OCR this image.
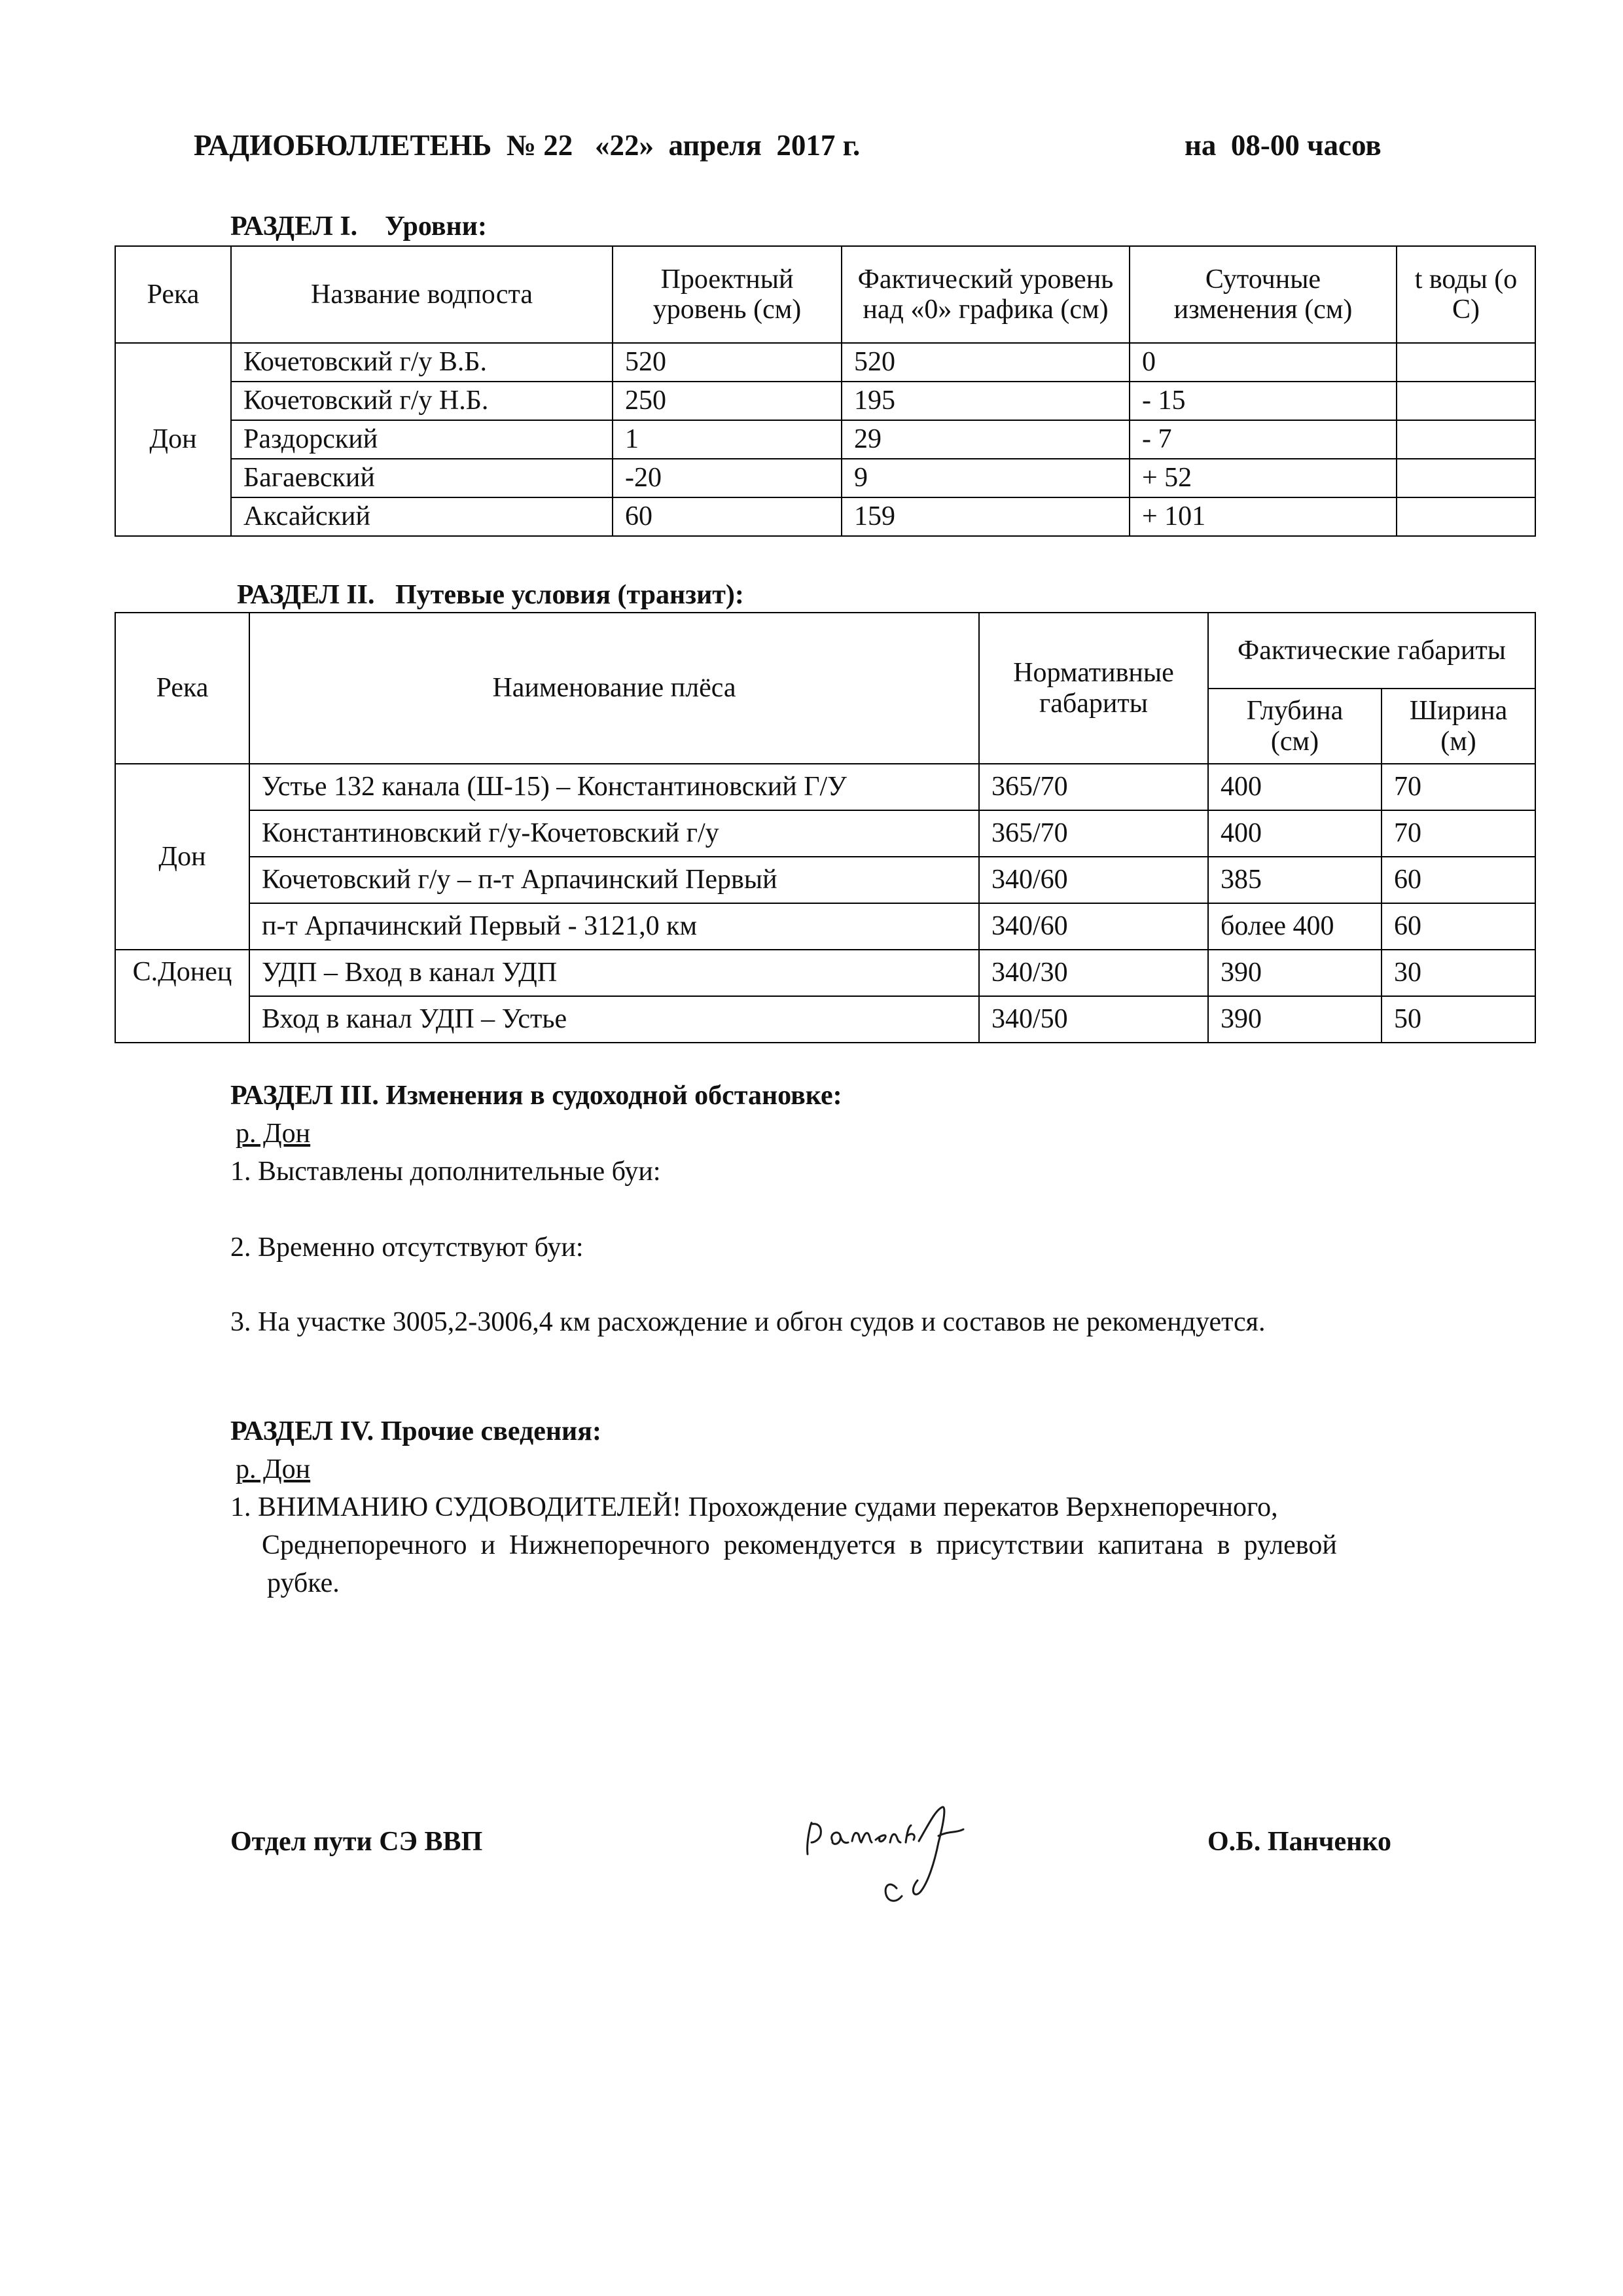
РАДИОБЮЛЛЕТЕНЬ  № 22   «22»  апреля  2017 г.	на  08-00 часов
РАЗДЕЛ I.    Уровни:
Река	Название водпоста	Проектный уровень (см)	Фактический уровень над «0» графика (см)	Суточные изменения (см)	t воды (о С)
Дон	Кочетовский г/у В.Б.	520	520	0	
	Кочетовский г/у Н.Б.	250	195	- 15	
	Раздорский	1	29	- 7	
	Багаевский	-20	9	+ 52	
	Аксайский	60	159	+ 101	
РАЗДЕЛ II.   Путевые условия (транзит):
Река	Наименование плёса	Нормативные габариты	Фактические габариты	
			Глубина (см)	Ширина (м)
Дон	Устье 132 канала (Ш-15) – Константиновский Г/У	365/70	400	70
	Константиновский г/у-Кочетовский г/у	365/70	400	70
	Кочетовский г/у – п-т Арпачинский Первый	340/60	385	60
	п-т Арпачинский Первый - 3121,0 км	340/60	более 400	60
С.Донец	УДП – Вход в канал УДП	340/30	390	30
	Вход в канал УДП – Устье	340/50	390	50
РАЗДЕЛ III. Изменения в судоходной обстановке:
р. Дон
1. Выставлены дополнительные буи:
2. Временно отсутствуют буи:
3. На участке 3005,2-3006,4 км расхождение и обгон судов и составов не рекомендуется.
РАЗДЕЛ IV. Прочие сведения:
р. Дон
1. ВНИМАНИЮ СУДОВОДИТЕЛЕЙ! Прохождение судами перекатов Верхнепоречного,
Среднепоречного  и  Нижнепоречного  рекомендуется  в  присутствии  капитана  в  рулевой
рубке.
Отдел пути СЭ ВВП	О.Б. Панченко
